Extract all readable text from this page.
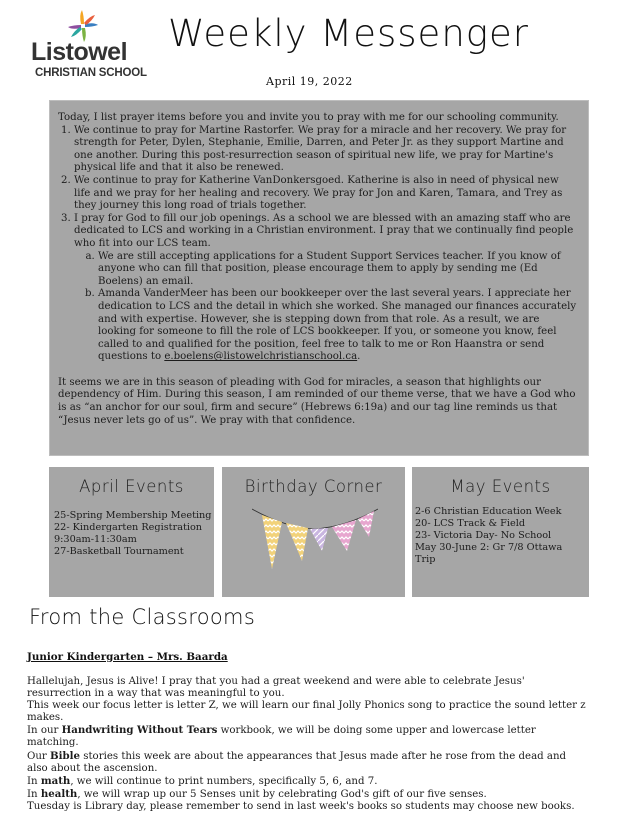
Listowel
CHRISTIAN SCHOOL
Weekly Messenger
April 19, 2022

Today, I list prayer items before you and invite you to pray with me for our schooling community.

1. We continue to pray for Martine Rastorfer. We pray for a miracle and her recovery. We pray for strength for Peter, Dylen, Stephanie, Emilie, Darren, and Peter Jr. as they support Martine and one another. During this post-resurrection season of spiritual new life, we pray for Martine's physical life and that it also be renewed.
2. We continue to pray for Katherine VanDonkersgoed. Katherine is also in need of physical new life and we pray for her healing and recovery. We pray for Jon and Karen, Tamara, and Trey as they journey this long road of trials together.
3. I pray for God to fill our job openings. As a school we are blessed with an amazing staff who are dedicated to LCS and working in a Christian environment. I pray that we continually find people who fit into our LCS team.
a. We are still accepting applications for a Student Support Services teacher. If you know of anyone who can fill that position, please encourage them to apply by sending me (Ed Boelens) an email.
b. Amanda VanderMeer has been our bookkeeper over the last several years. I appreciate her dedication to LCS and the detail in which she worked. She managed our finances accurately and with expertise. However, she is stepping down from that role. As a result, we are looking for someone to fill the role of LCS bookkeeper. If you, or someone you know, feel called to and qualified for the position, feel free to talk to me or Ron Haanstra or send questions to e.boelens@listowelchristianschool.ca.

It seems we are in this season of pleading with God for miracles, a season that highlights our dependency of Him. During this season, I am reminded of our theme verse, that we have a God who is as “an anchor for our soul, firm and secure” (Hebrews 6:19a) and our tag line reminds us that “Jesus never lets go of us”. We pray with that confidence.

April Events
25-Spring Membership Meeting
22- Kindergarten Registration
9:30am-11:30am
27-Basketball Tournament
Birthday Corner	May Events
2-6 Christian Education Week
20- LCS Track & Field
23- Victoria Day- No School
May 30-June 2: Gr 7/8 Ottawa
Trip
From the Classrooms
Junior Kindergarten – Mrs. Baarda

Hallelujah, Jesus is Alive! I pray that you had a great weekend and were able to celebrate Jesus' resurrection in a way that was meaningful to you.

This week our focus letter is letter Z, we will learn our final Jolly Phonics song to practice the sound letter z makes.

In our Handwriting Without Tears workbook, we will be doing some upper and lowercase letter matching.

Our Bible stories this week are about the appearances that Jesus made after he rose from the dead and also about the ascension.

In math, we will continue to print numbers, specifically 5, 6, and 7.

In health, we will wrap up our 5 Senses unit by celebrating God's gift of our five senses.

Tuesday is Library day, please remember to send in last week's books so students may choose new books.
